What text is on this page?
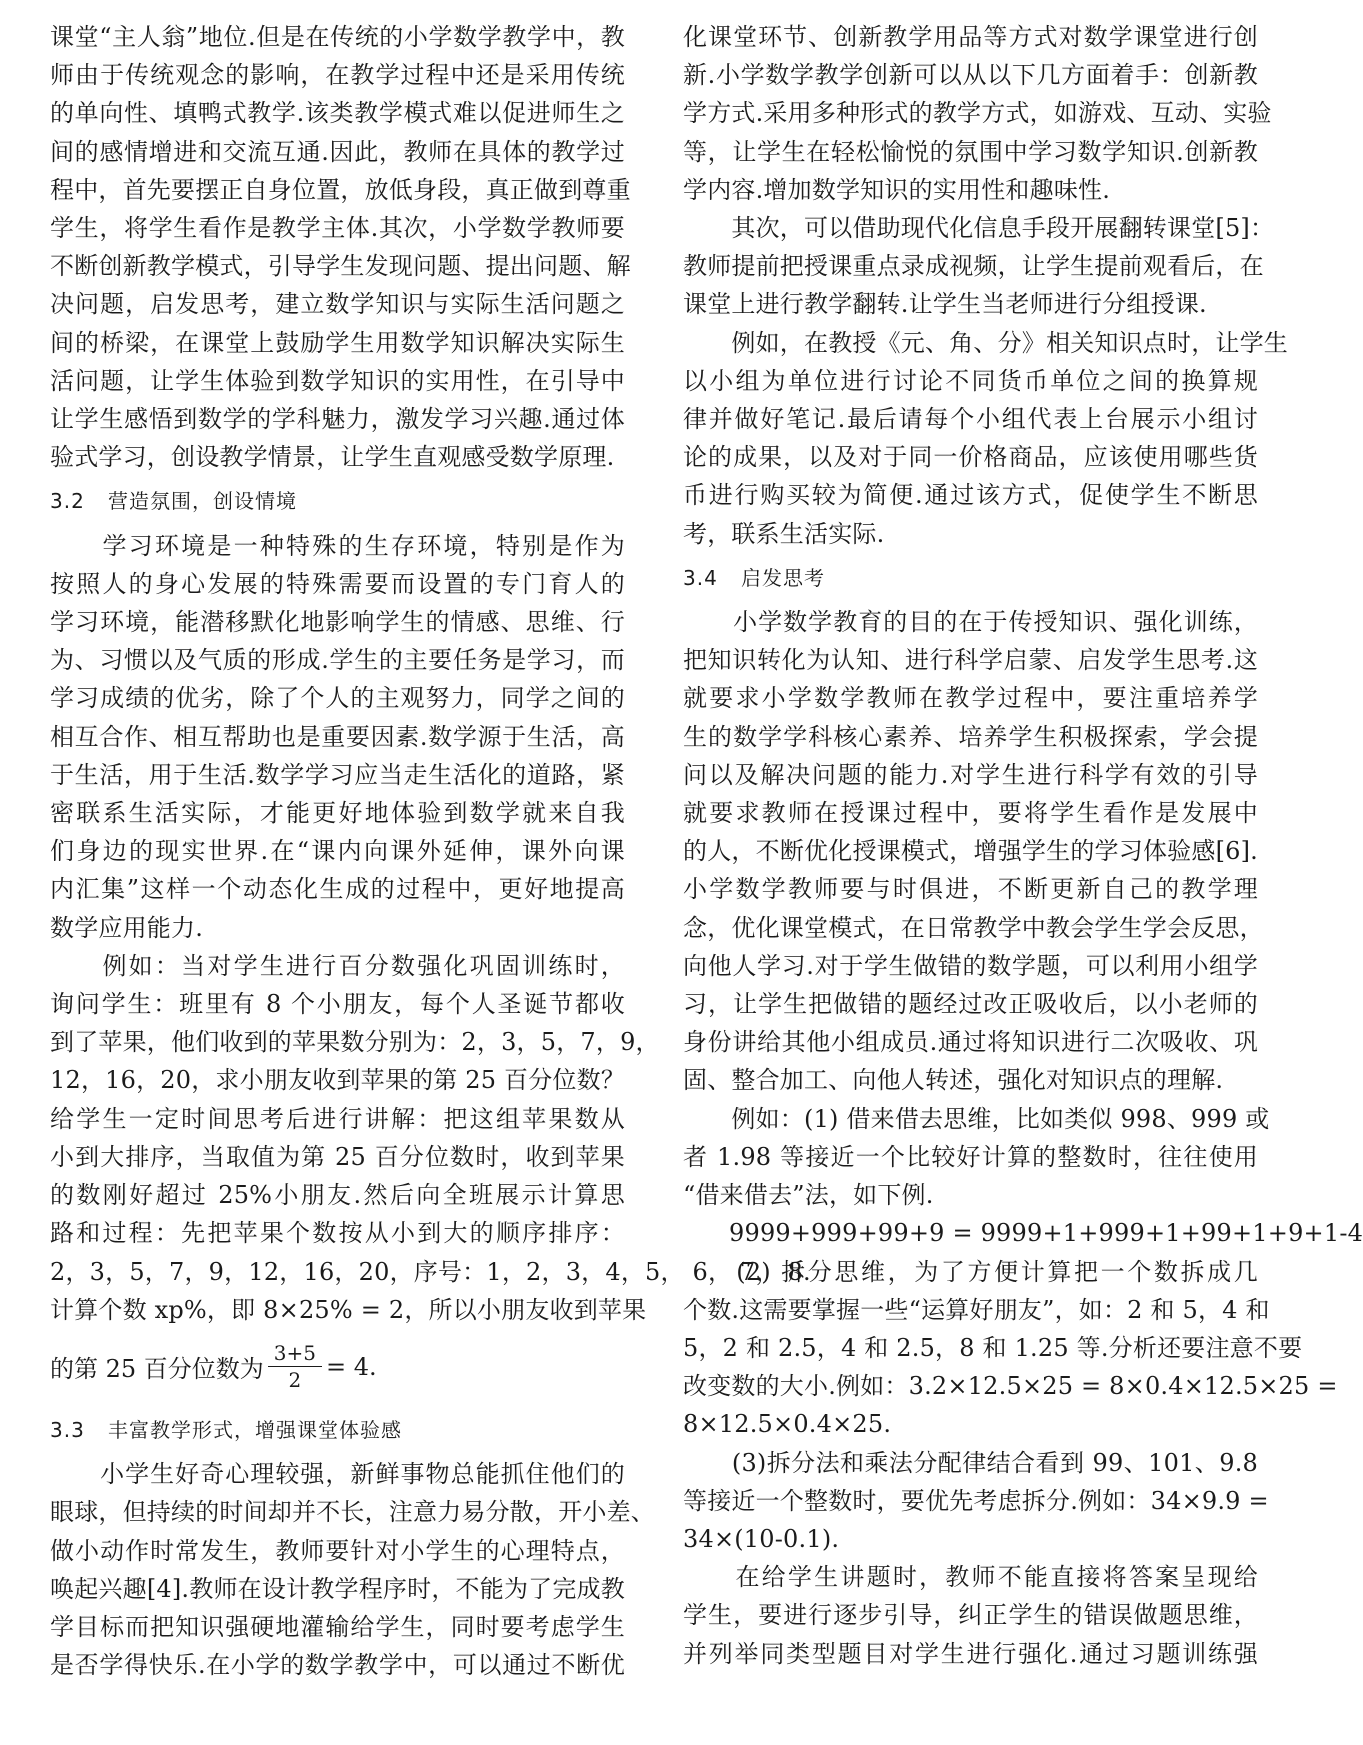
课堂“主人翁”地位.但是在传统的小学数学教学中，教

师由于传统观念的影响，在教学过程中还是采用传统

的单向性、填鸭式教学.该类教学模式难以促进师生之

间的感情增进和交流互通.因此，教师在具体的教学过

程中，首先要摆正自身位置，放低身段，真正做到尊重

学生，将学生看作是教学主体.其次，小学数学教师要

不断创新教学模式，引导学生发现问题、提出问题、解

决问题，启发思考，建立数学知识与实际生活问题之

间的桥梁，在课堂上鼓励学生用数学知识解决实际生

活问题，让学生体验到数学知识的实用性，在引导中

让学生感悟到数学的学科魅力，激发学习兴趣.通过体

验式学习，创设教学情景，让学生直观感受数学原理.

3.2 营造氛围，创设情境

　　学习环境是一种特殊的生存环境，特别是作为

按照人的身心发展的特殊需要而设置的专门育人的

学习环境，能潜移默化地影响学生的情感、思维、行

为、习惯以及气质的形成.学生的主要任务是学习，而

学习成绩的优劣，除了个人的主观努力，同学之间的

相互合作、相互帮助也是重要因素.数学源于生活，高

于生活，用于生活.数学学习应当走生活化的道路，紧

密联系生活实际，才能更好地体验到数学就来自我

们身边的现实世界.在“课内向课外延伸，课外向课

内汇集”这样一个动态化生成的过程中，更好地提高

数学应用能力.

　　例如：当对学生进行百分数强化巩固训练时，

询问学生：班里有 8 个小朋友，每个人圣诞节都收

到了苹果，他们收到的苹果数分别为：2，3，5，7，9，

12，16，20，求小朋友收到苹果的第 25 百分位数？

给学生一定时间思考后进行讲解：把这组苹果数从

小到大排序，当取值为第 25 百分位数时，收到苹果

的数刚好超过 25%小朋友.然后向全班展示计算思

路和过程：先把苹果个数按从小到大的顺序排序：

2，3，5，7，9，12，16，20，序号：1，2，3，4，5， 6， 7， 8.

计算个数 xp%，即 8×25% = 2，所以小朋友收到苹果

的第 25 百分位数为 $\frac{3+5}{2} = 4$.

3.3 丰富教学形式，增强课堂体验感

　　小学生好奇心理较强，新鲜事物总能抓住他们的

眼球，但持续的时间却并不长，注意力易分散，开小差、

做小动作时常发生，教师要针对小学生的心理特点，

唤起兴趣[4].教师在设计教学程序时，不能为了完成教

学目标而把知识强硬地灌输给学生，同时要考虑学生

是否学得快乐.在小学的数学教学中，可以通过不断优

化课堂环节、创新教学用品等方式对数学课堂进行创

新.小学数学教学创新可以从以下几方面着手：创新教

学方式.采用多种形式的教学方式，如游戏、互动、实验

等，让学生在轻松愉悦的氛围中学习数学知识.创新教

学内容.增加数学知识的实用性和趣味性.

　　其次，可以借助现代化信息手段开展翻转课堂[5]：

教师提前把授课重点录成视频，让学生提前观看后，在

课堂上进行教学翻转.让学生当老师进行分组授课.

　　例如，在教授《元、角、分》相关知识点时，让学生

以小组为单位进行讨论不同货币单位之间的换算规

律并做好笔记.最后请每个小组代表上台展示小组讨

论的成果，以及对于同一价格商品，应该使用哪些货

币进行购买较为简便.通过该方式，促使学生不断思

考，联系生活实际.

3.4 启发思考

　　小学数学教育的目的在于传授知识、强化训练，

把知识转化为认知、进行科学启蒙、启发学生思考.这

就要求小学数学教师在教学过程中，要注重培养学

生的数学学科核心素养、培养学生积极探索，学会提

问以及解决问题的能力.对学生进行科学有效的引导

就要求教师在授课过程中，要将学生看作是发展中

的人，不断优化授课模式，增强学生的学习体验感[6].

小学数学教师要与时俱进，不断更新自己的教学理

念，优化课堂模式，在日常教学中教会学生学会反思，

向他人学习.对于学生做错的数学题，可以利用小组学

习，让学生把做错的题经过改正吸收后，以小老师的

身份讲给其他小组成员.通过将知识进行二次吸收、巩

固、整合加工、向他人转述，强化对知识点的理解.

　　例如：(1) 借来借去思维，比如类似 998、999 或

者 1.98 等接近一个比较好计算的整数时，往往使用

“借来借去”法，如下例.

9999+999+99+9 = 9999+1+999+1+99+1+9+1-4

　　(2) 拆分思维，为了方便计算把一个数拆成几

个数.这需要掌握一些“运算好朋友”，如：2 和 5，4 和

5，2 和 2.5，4 和 2.5，8 和 1.25 等.分析还要注意不要

改变数的大小.例如：3.2×12.5×25 = 8×0.4×12.5×25 =

8×12.5×0.4×25.

　　(3)拆分法和乘法分配律结合看到 99、101、9.8

等接近一个整数时，要优先考虑拆分.例如：34×9.9 =

34×(10-0.1).

　　在给学生讲题时，教师不能直接将答案呈现给

学生，要进行逐步引导，纠正学生的错误做题思维，

并列举同类型题目对学生进行强化.通过习题训练强
